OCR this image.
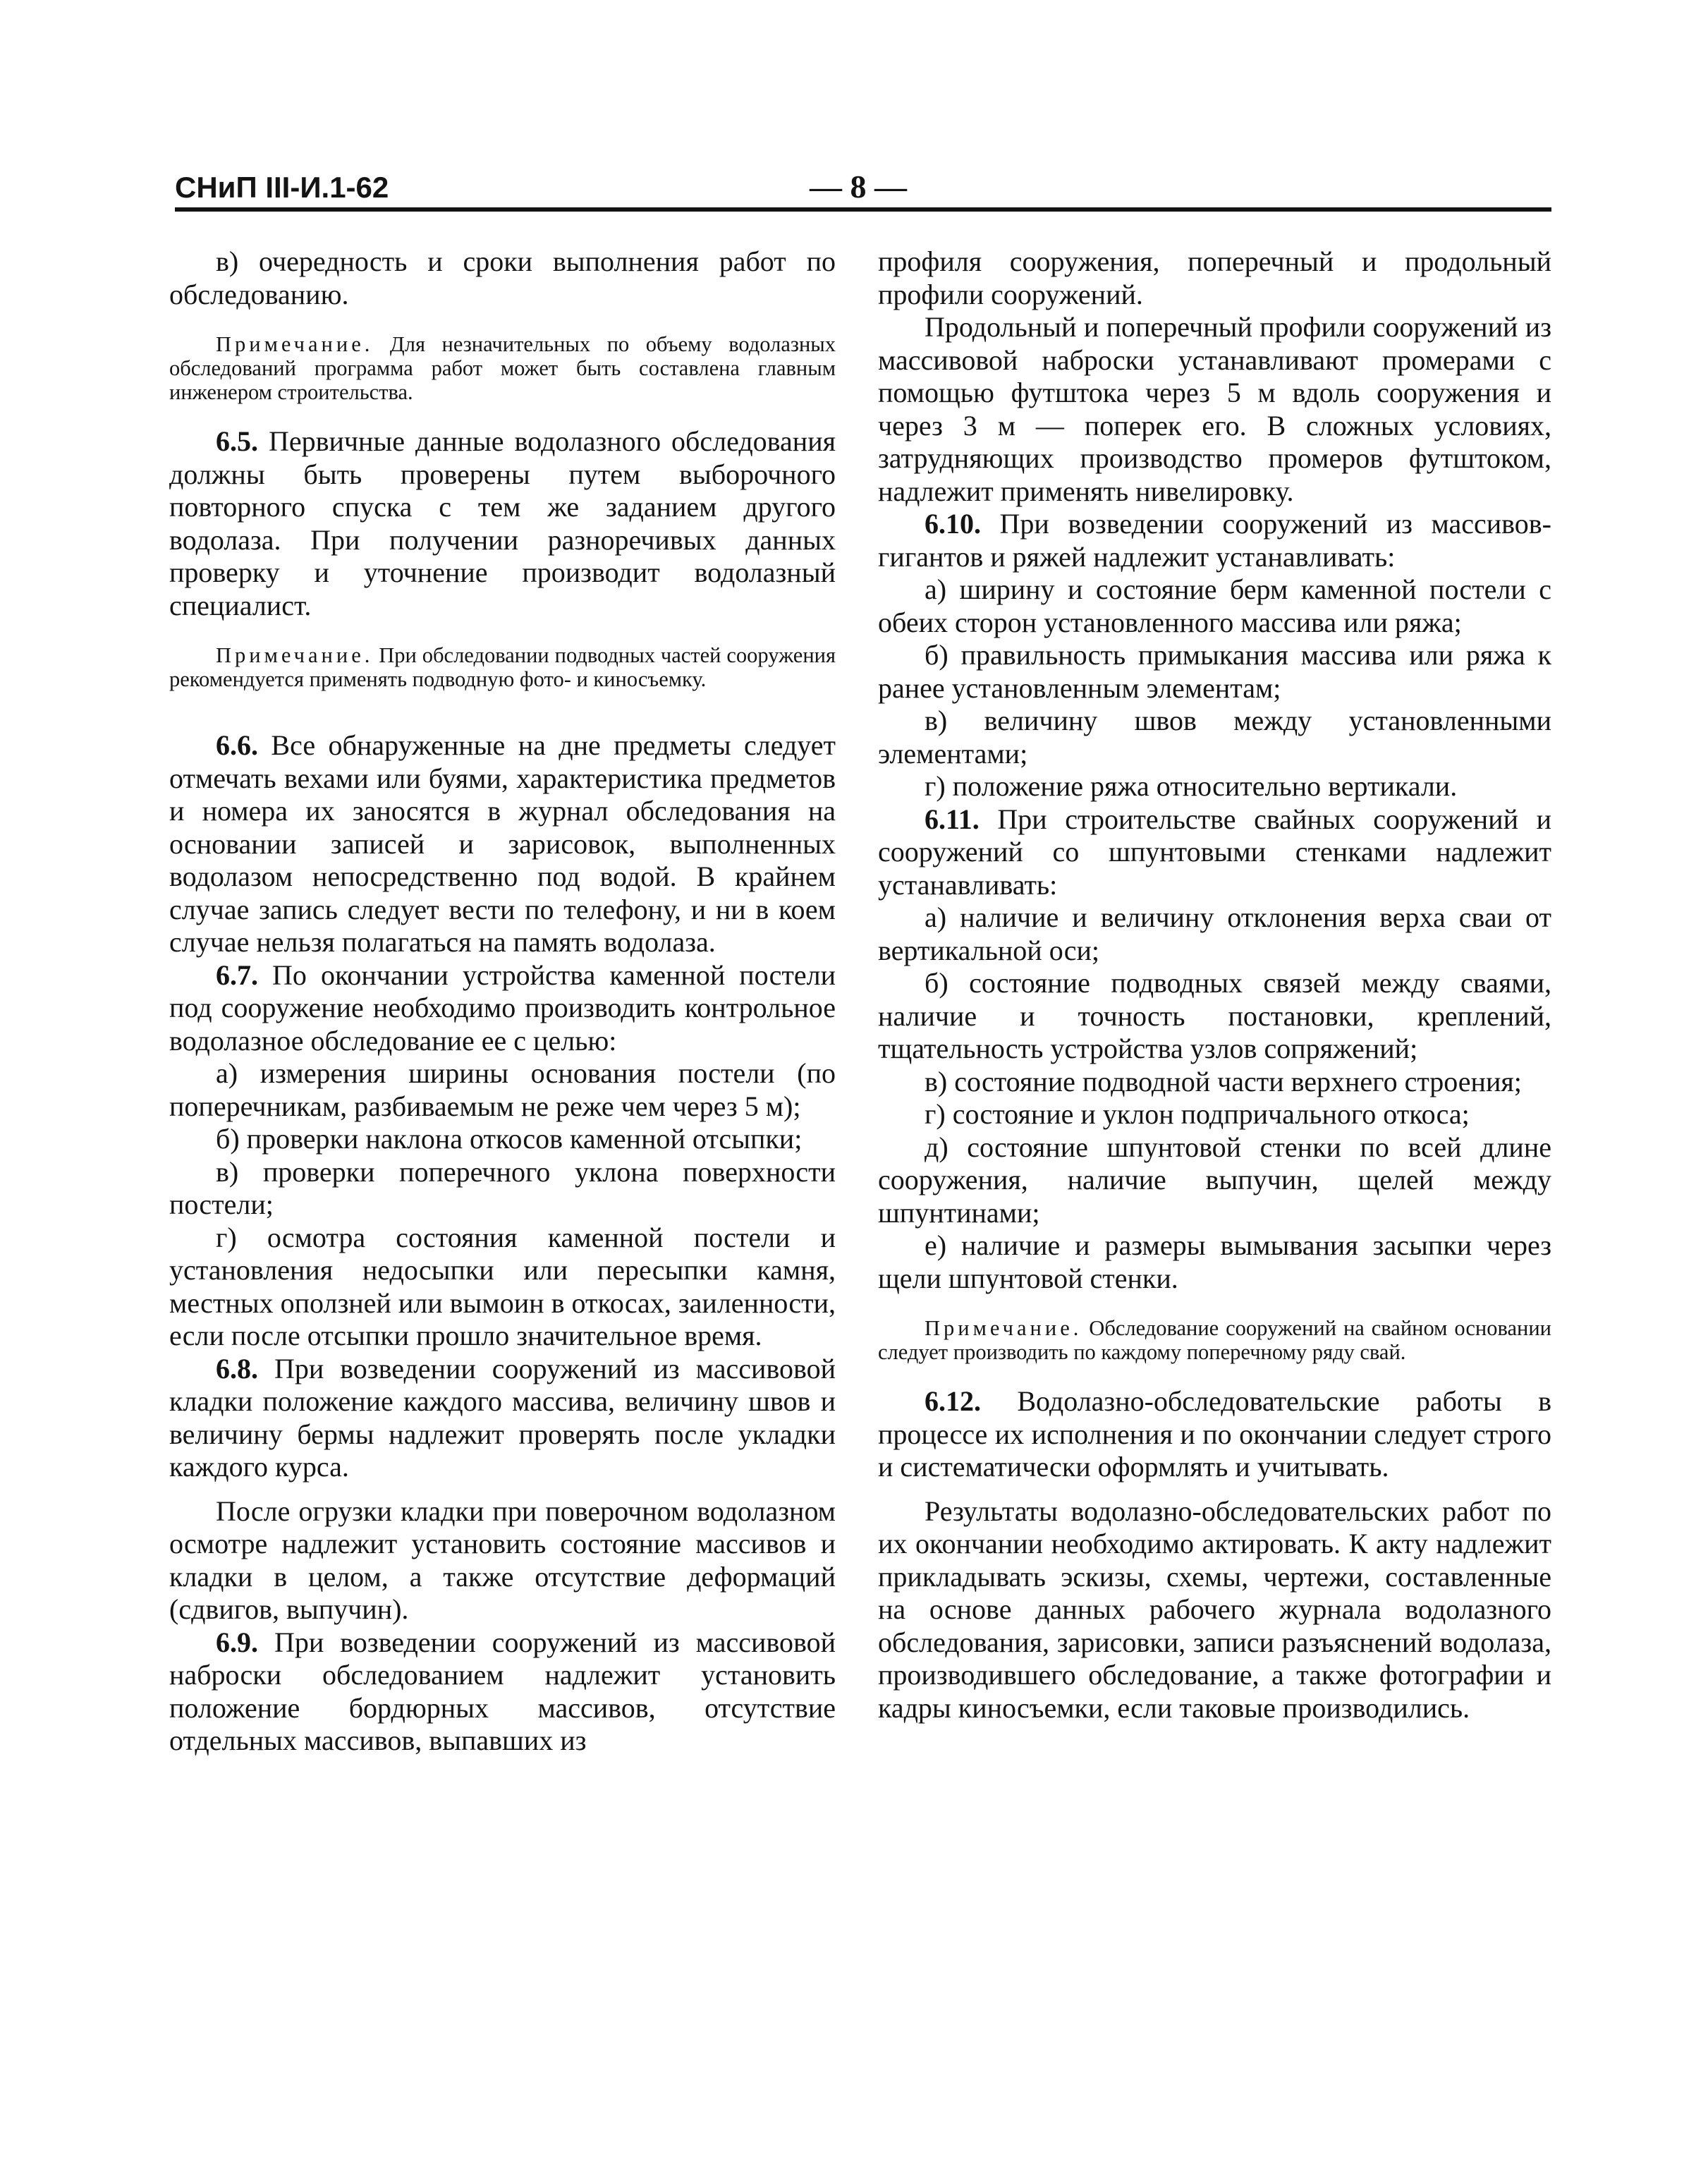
СНиП III-И.1-62	— 8 —

в) очередность и сроки выполнения работ по обследованию.

Примечание. Для незначительных по объему водолазных обследований программа работ может быть составлена главным инженером строительства.

6.5. Первичные данные водолазного обследования должны быть проверены путем выборочного повторного спуска с тем же заданием другого водолаза. При получении разноречивых данных проверку и уточнение производит водолазный специалист.

Примечание. При обследовании подводных частей сооружения рекомендуется применять подводную фото- и киносъемку.

6.6. Все обнаруженные на дне предметы следует отмечать вехами или буями, характеристика предметов и номера их заносятся в журнал обследования на основании записей и зарисовок, выполненных водолазом непосредственно под водой. В крайнем случае запись следует вести по телефону, и ни в коем случае нельзя полагаться на память водолаза.

6.7. По окончании устройства каменной постели под сооружение необходимо производить контрольное водолазное обследование ее с целью:

а) измерения ширины основания постели (по поперечникам, разбиваемым не реже чем через 5 м);

б) проверки наклона откосов каменной отсыпки;

в) проверки поперечного уклона поверхности постели;

г) осмотра состояния каменной постели и установления недосыпки или пересыпки камня, местных оползней или вымоин в откосах, заиленности, если после отсыпки прошло значительное время.

6.8. При возведении сооружений из массивовой кладки положение каждого массива, величину швов и величину бермы надлежит проверять после укладки каждого курса.

После огрузки кладки при поверочном водолазном осмотре надлежит установить состояние массивов и кладки в целом, а также отсутствие деформаций (сдвигов, выпучин).

6.9. При возведении сооружений из массивовой наброски обследованием надлежит установить положение бордюрных массивов, отсутствие отдельных массивов, выпавших из

профиля сооружения, поперечный и продольный профили сооружений.

Продольный и поперечный профили сооружений из массивовой наброски устанавливают промерами с помощью футштока через 5 м вдоль сооружения и через 3 м — поперек его. В сложных условиях, затрудняющих производство промеров футштоком, надлежит применять нивелировку.

6.10. При возведении сооружений из массивов-гигантов и ряжей надлежит устанавливать:

а) ширину и состояние берм каменной постели с обеих сторон установленного массива или ряжа;

б) правильность примыкания массива или ряжа к ранее установленным элементам;

в) величину швов между установленными элементами;

г) положение ряжа относительно вертикали.

6.11. При строительстве свайных сооружений и сооружений со шпунтовыми стенками надлежит устанавливать:

а) наличие и величину отклонения верха сваи от вертикальной оси;

б) состояние подводных связей между сваями, наличие и точность постановки, креплений, тщательность устройства узлов сопряжений;

в) состояние подводной части верхнего строения;

г) состояние и уклон подпричального откоса;

д) состояние шпунтовой стенки по всей длине сооружения, наличие выпучин, щелей между шпунтинами;

е) наличие и размеры вымывания засыпки через щели шпунтовой стенки.

Примечание. Обследование сооружений на свайном основании следует производить по каждому поперечному ряду свай.

6.12. Водолазно-обследовательские работы в процессе их исполнения и по окончании следует строго и систематически оформлять и учитывать.

Результаты водолазно-обследовательских работ по их окончании необходимо актировать. К акту надлежит прикладывать эскизы, схемы, чертежи, составленные на основе данных рабочего журнала водолазного обследования, зарисовки, записи разъяснений водолаза, производившего обследование, а также фотографии и кадры киносъемки, если таковые производились.
